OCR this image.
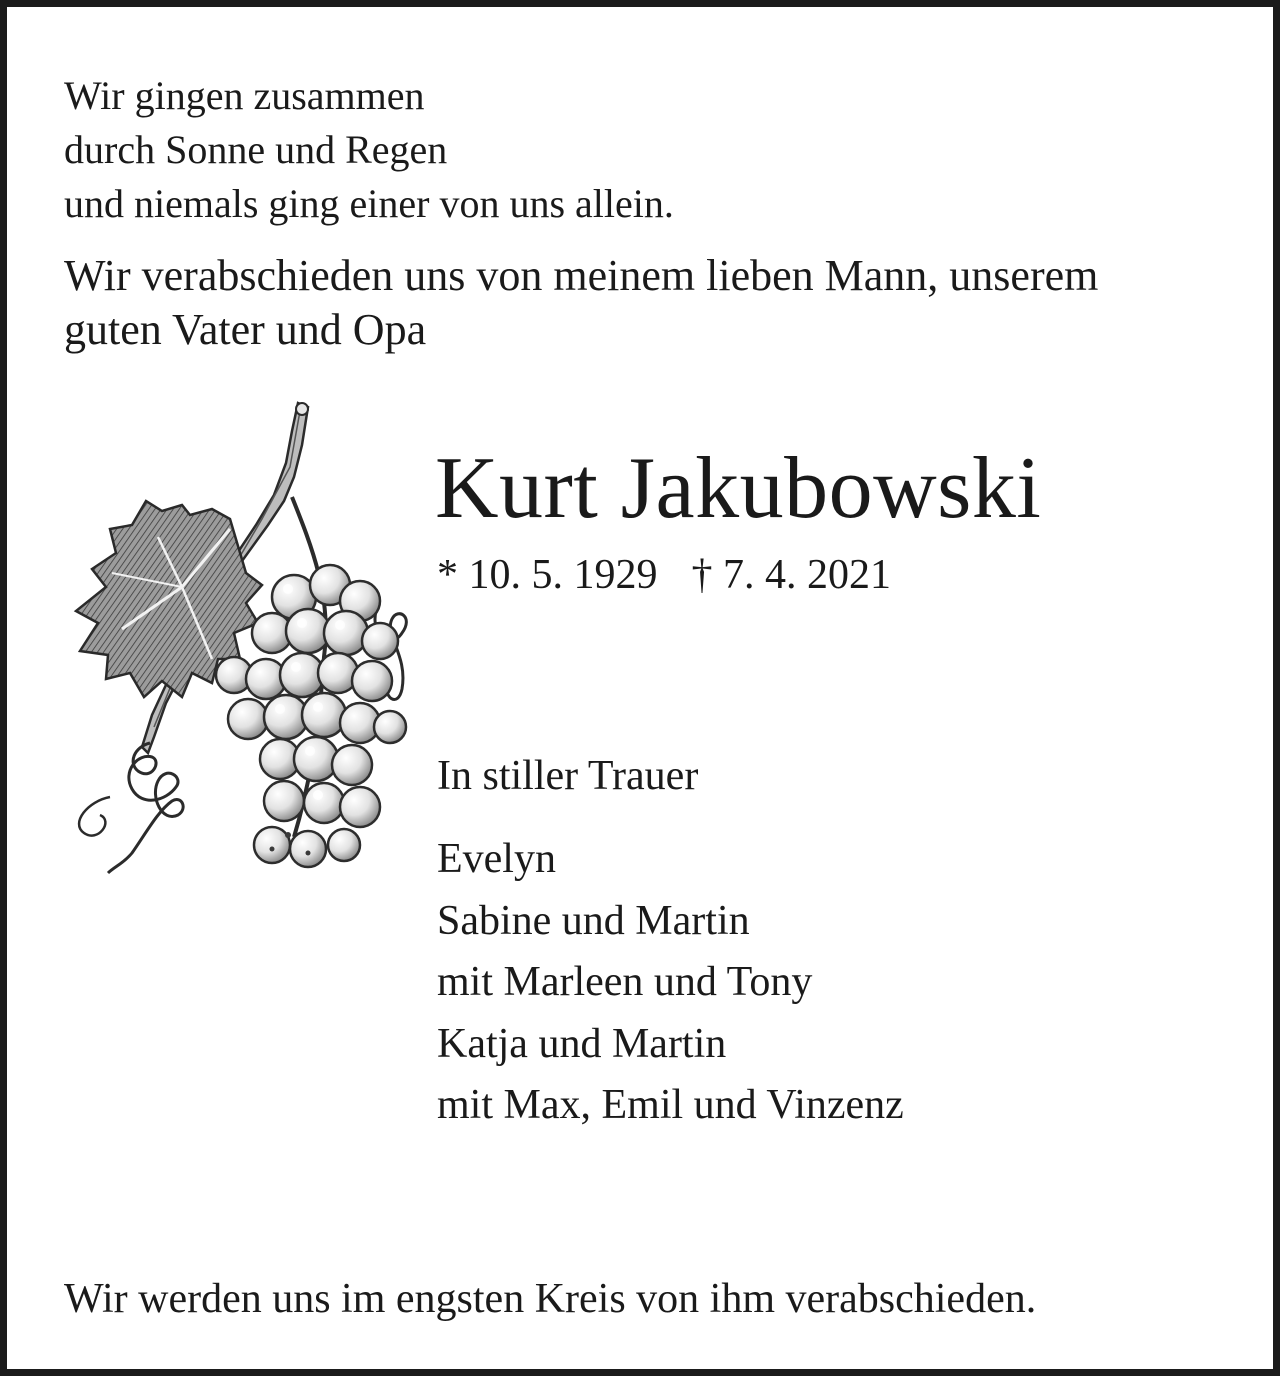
Wir gingen zusammen
durch Sonne und Regen
und niemals ging einer von uns allein.
Wir verabschieden uns von meinem lieben Mann, unserem
guten Vater und Opa
Kurt Jakubowski
* 10. 5. 1929 † 7. 4. 2021
In stiller Trauer
Evelyn
Sabine und Martin
mit Marleen und Tony
Katja und Martin
mit Max, Emil und Vinzenz
Wir werden uns im engsten Kreis von ihm verabschieden.
